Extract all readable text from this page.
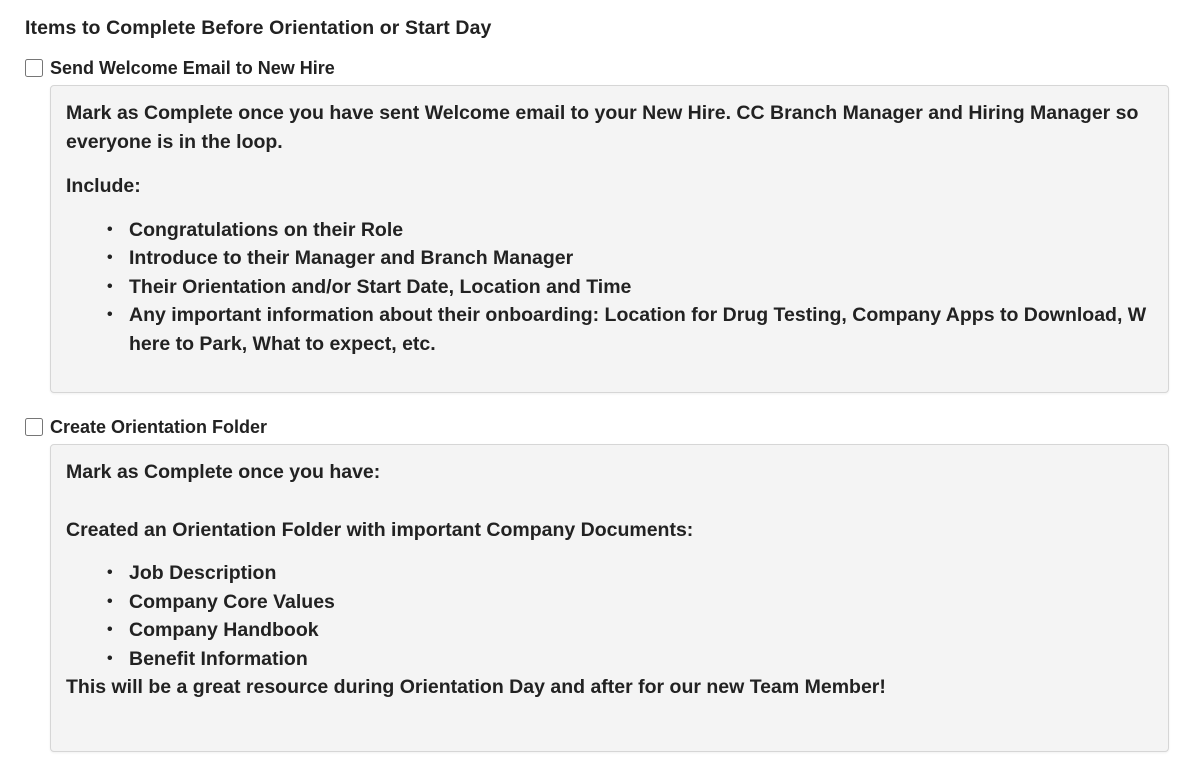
Items to Complete Before Orientation or Start Day
Send Welcome Email to New Hire

Mark as Complete once you have sent Welcome email to your New Hire. CC Branch Manager and Hiring Manager so everyone is in the loop.

Include:

• Congratulations on their Role
• Introduce to their Manager and Branch Manager
• Their Orientation and/or Start Date, Location and Time
• Any important information about their onboarding: Location for Drug Testing, Company Apps to Download, Where to Park, What to expect, etc.
Create Orientation Folder

Mark as Complete once you have:

Created an Orientation Folder with important Company Documents:

• Job Description
• Company Core Values
• Company Handbook
• Benefit Information

This will be a great resource during Orientation Day and after for our new Team Member!
